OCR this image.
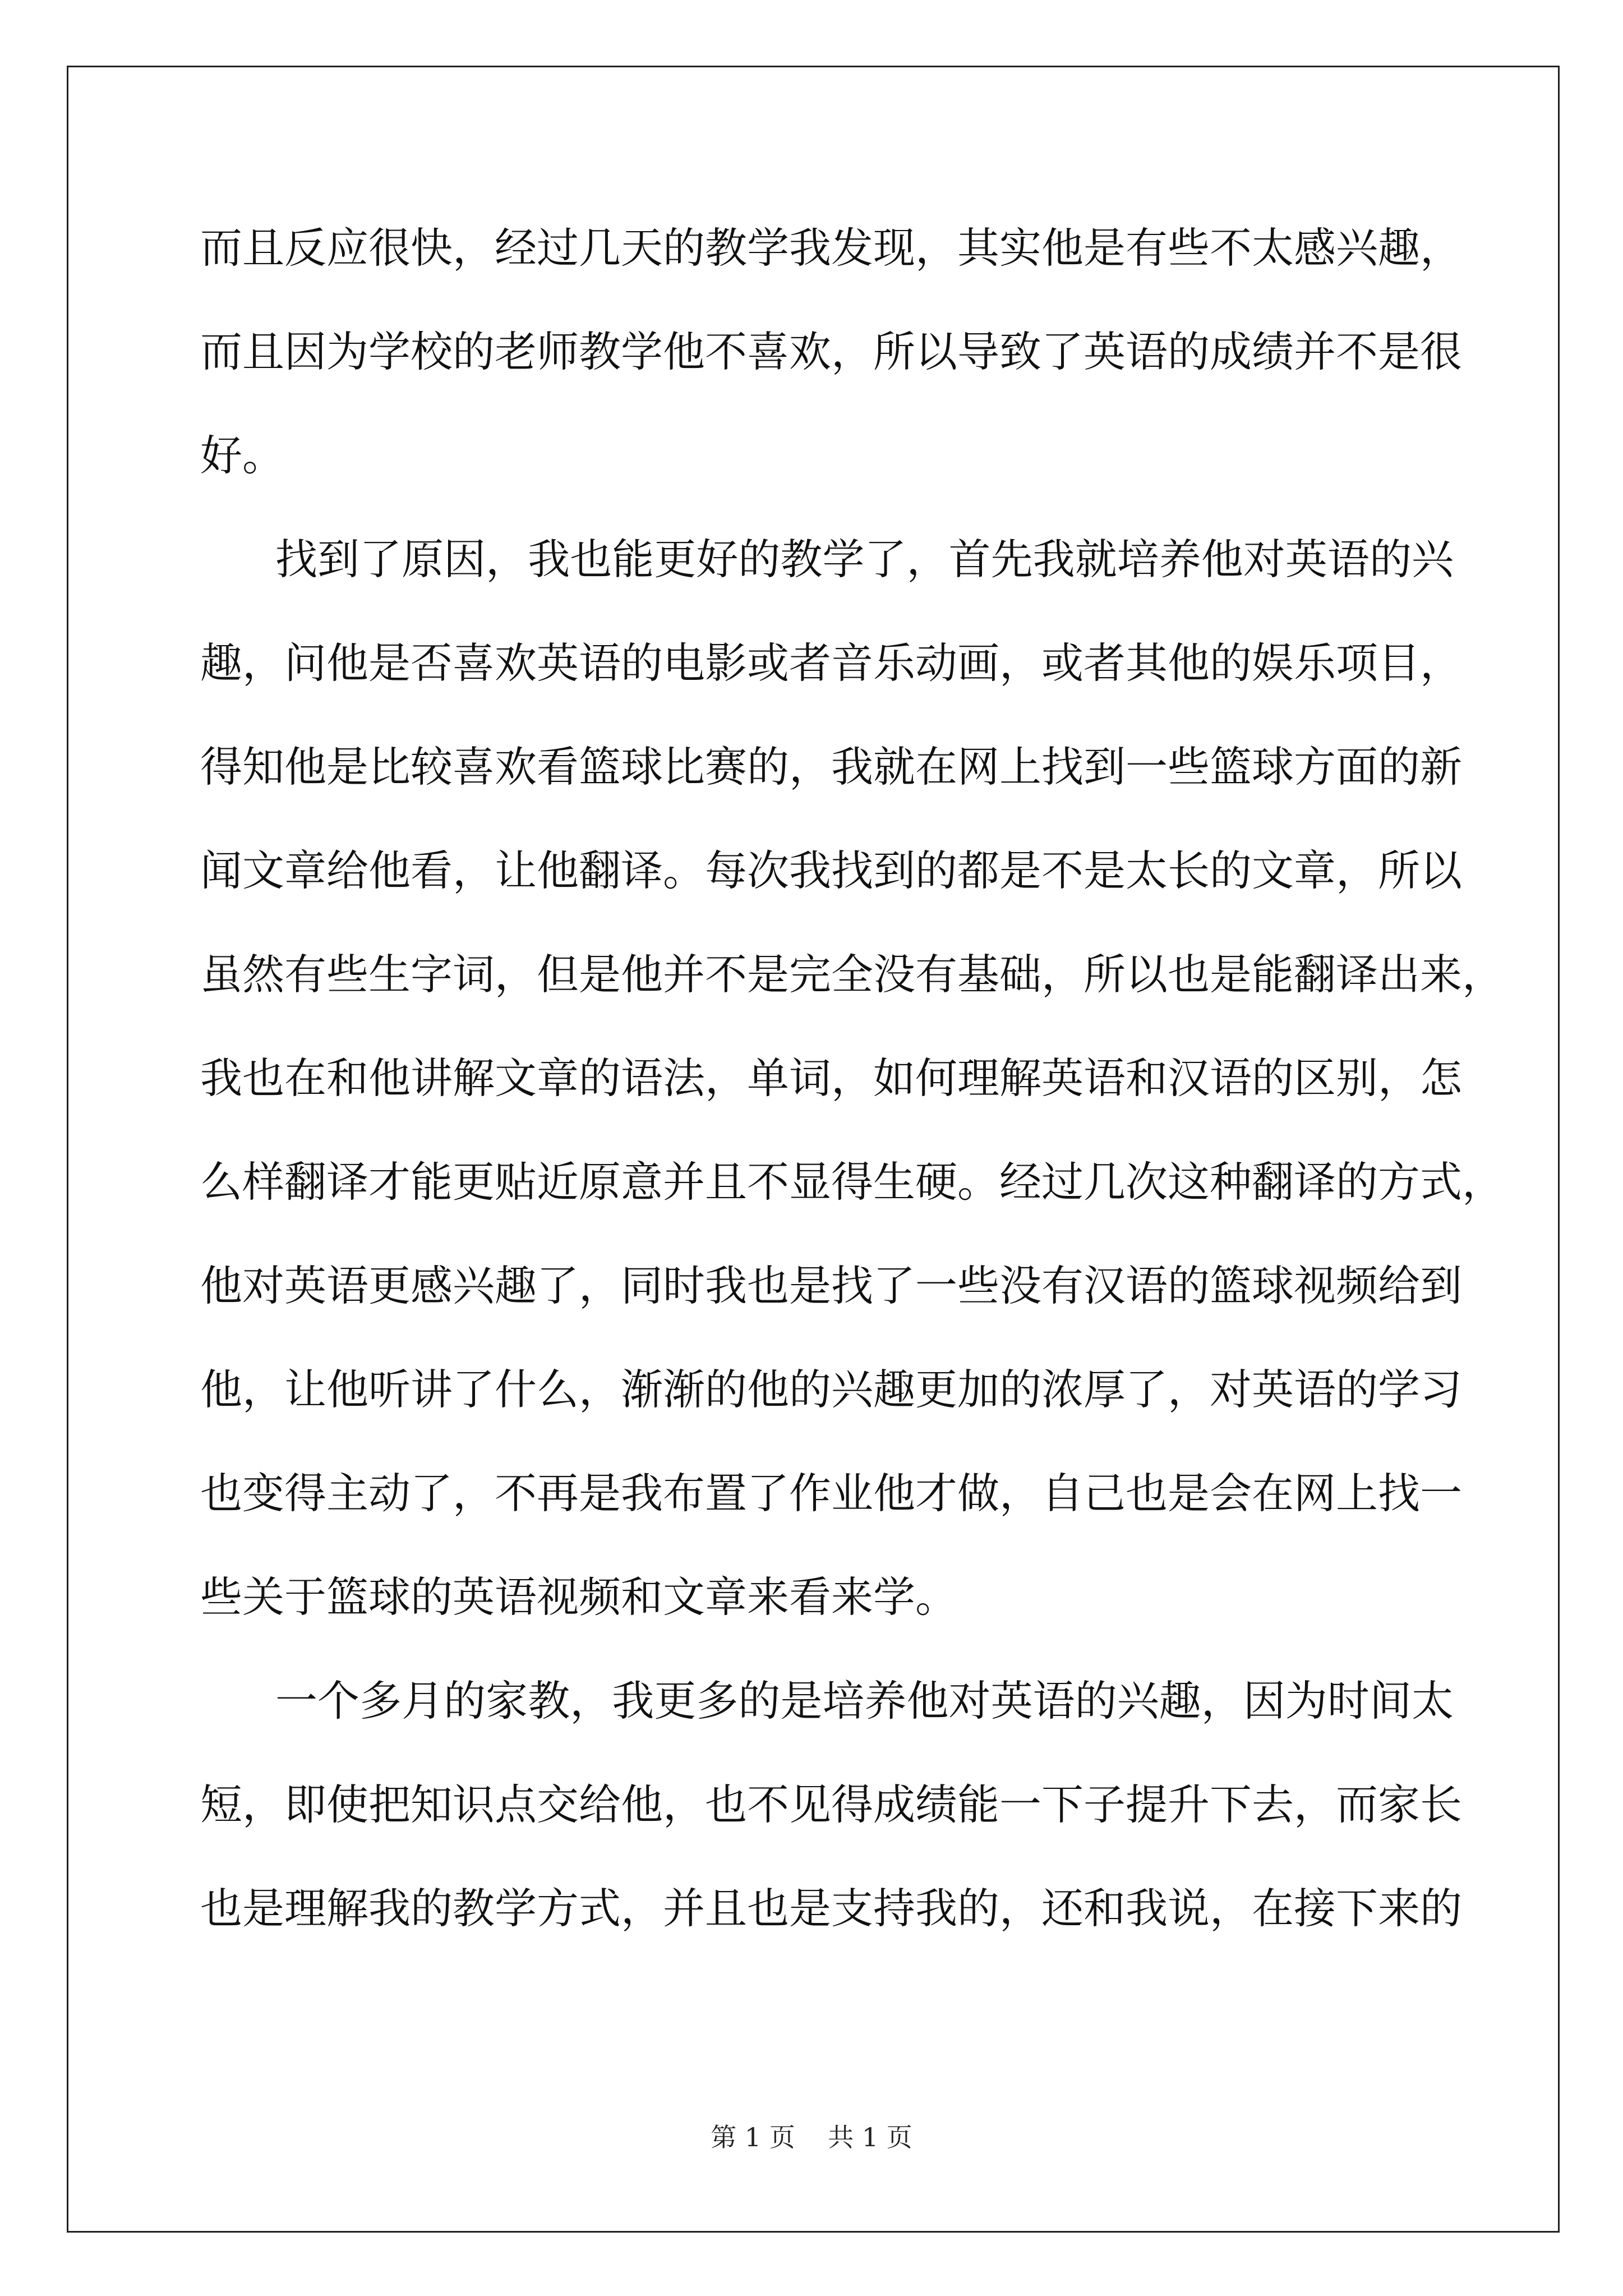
而且反应很快，经过几天的教学我发现，其实他是有些不太感兴趣，
而且因为学校的老师教学他不喜欢，所以导致了英语的成绩并不是很
好。
找到了原因，我也能更好的教学了，首先我就培养他对英语的兴
趣，问他是否喜欢英语的电影或者音乐动画，或者其他的娱乐项目，
得知他是比较喜欢看篮球比赛的，我就在网上找到一些篮球方面的新
闻文章给他看，让他翻译。每次我找到的都是不是太长的文章，所以
虽然有些生字词，但是他并不是完全没有基础，所以也是能翻译出来，
我也在和他讲解文章的语法，单词，如何理解英语和汉语的区别，怎
么样翻译才能更贴近原意并且不显得生硬。经过几次这种翻译的方式，
他对英语更感兴趣了，同时我也是找了一些没有汉语的篮球视频给到
他，让他听讲了什么，渐渐的他的兴趣更加的浓厚了，对英语的学习
也变得主动了，不再是我布置了作业他才做，自己也是会在网上找一
些关于篮球的英语视频和文章来看来学。
一个多月的家教，我更多的是培养他对英语的兴趣，因为时间太
短，即使把知识点交给他，也不见得成绩能一下子提升下去，而家长
也是理解我的教学方式，并且也是支持我的，还和我说，在接下来的
第 1 页    共 1 页
